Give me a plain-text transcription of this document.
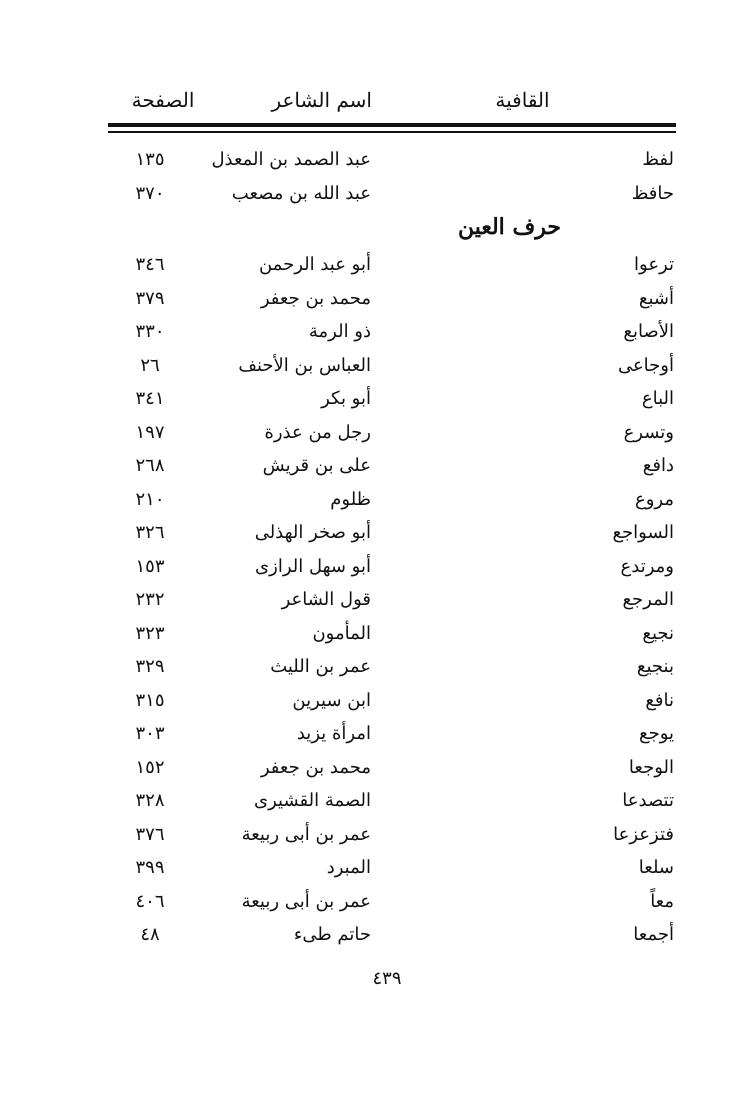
القافية
اسم الشاعر
الصفحة
لفظ
عبد الصمد بن المعذل
١٣٥
حافظ
عبد الله بن مصعب
٣٧٠
حرف العين
ترعوا
أبو عبد الرحمن
٣٤٦
أشبع
محمد بن جعفر
٣٧٩
الأصابع
ذو الرمة
٣٣٠
أوجاعى
العباس بن الأحنف
٢٦
الباع
أبو بكر
٣٤١
وتسرع
رجل من عذرة
١٩٧
دافع
على بن قريش
٢٦٨
مروع
ظلوم
٢١٠
السواجع
أبو صخر الهذلى
٣٢٦
ومرتدع
أبو سهل الرازى
١٥٣
المرجع
قول الشاعر
٢٣٢
نجيع
المأمون
٣٢٣
بنجيع
عمر بن الليث
٣٢٩
نافع
ابن سيرين
٣١٥
يوجع
امرأة يزيد
٣٠٣
الوجعا
محمد بن جعفر
١٥٢
تتصدعا
الصمة القشيرى
٣٢٨
فتزعزعا
عمر بن أبى ربيعة
٣٧٦
سلعا
المبرد
٣٩٩
معاً
عمر بن أبى ربيعة
٤٠٦
أجمعا
حاتم طىء
٤٨
٤٣٩
